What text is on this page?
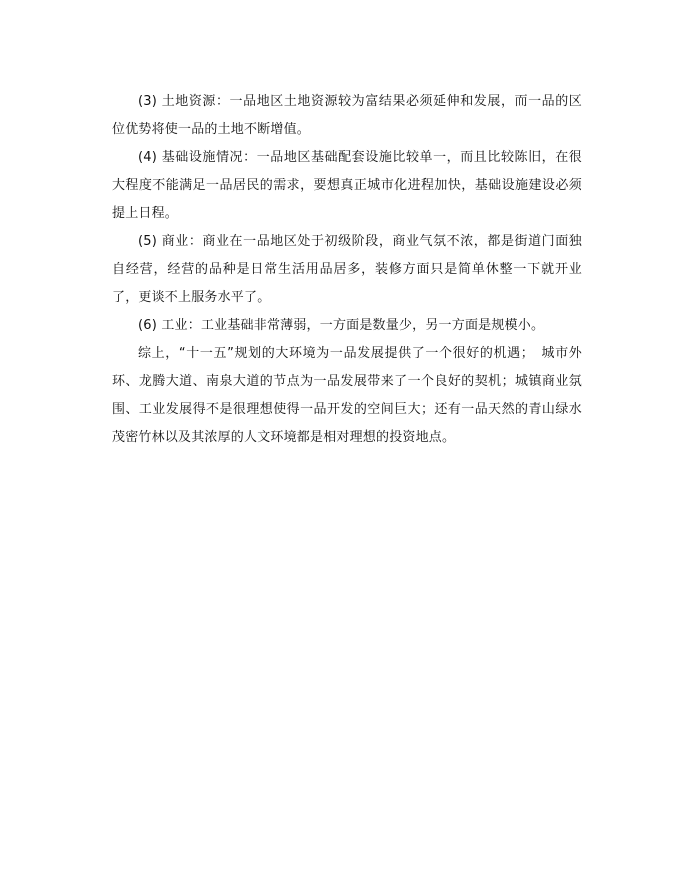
(3) 土地资源：一品地区土地资源较为富结果必须延伸和发展，而一品的区位优势将使一品的土地不断增值。

(4) 基础设施情况：一品地区基础配套设施比较单一，而且比较陈旧，在很大程度不能满足一品居民的需求，要想真正城市化进程加快，基础设施建设必须提上日程。

(5) 商业：商业在一品地区处于初级阶段，商业气氛不浓，都是街道门面独自经营，经营的品种是日常生活用品居多，装修方面只是简单休整一下就开业了，更谈不上服务水平了。

(6) 工业：工业基础非常薄弱，一方面是数量少，另一方面是规模小。

综上，“十一五”规划的大环境为一品发展提供了一个很好的机遇；　城市外环、龙腾大道、南泉大道的节点为一品发展带来了一个良好的契机；城镇商业氛围、工业发展得不是很理想使得一品开发的空间巨大；还有一品天然的青山绿水茂密竹林以及其浓厚的人文环境都是相对理想的投资地点。
